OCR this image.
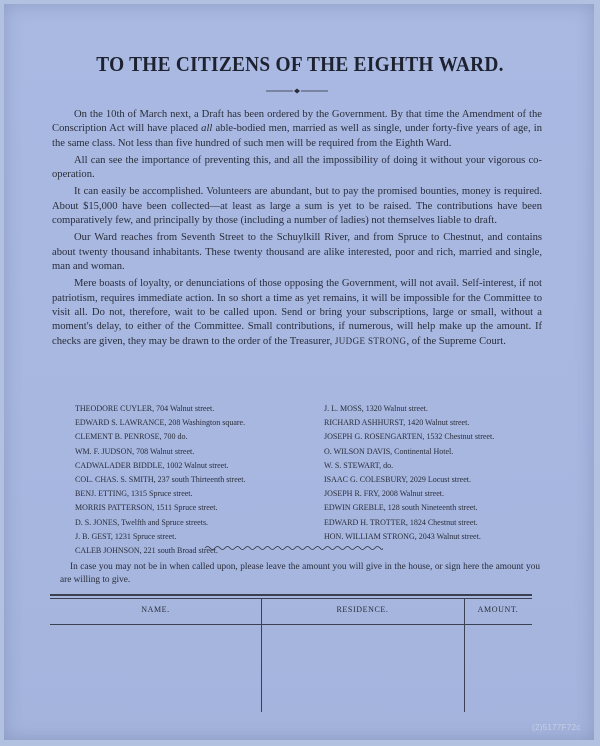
TO THE CITIZENS OF THE EIGHTH WARD.

On the 10th of March next, a Draft has been ordered by the Government. By that time the Amendment of the Conscription Act will have placed all able-bodied men, married as well as single, under forty-five years of age, in the same class. Not less than five hundred of such men will be required from the Eighth Ward.

All can see the importance of preventing this, and all the impossibility of doing it without your vigorous co-operation.

It can easily be accomplished. Volunteers are abundant, but to pay the promised bounties, money is required. About $15,000 have been collected—at least as large a sum is yet to be raised. The contributions have been comparatively few, and principally by those (including a number of ladies) not themselves liable to draft.

Our Ward reaches from Seventh Street to the Schuylkill River, and from Spruce to Chestnut, and contains about twenty thousand inhabitants. These twenty thousand are alike interested, poor and rich, married and single, man and woman.

Mere boasts of loyalty, or denunciations of those opposing the Government, will not avail. Self-interest, if not patriotism, requires immediate action. In so short a time as yet remains, it will be impossible for the Committee to visit all. Do not, therefore, wait to be called upon. Send or bring your subscriptions, large or small, without a moment's delay, to either of the Committee. Small contributions, if numerous, will help make up the amount. If checks are given, they may be drawn to the order of the Treasurer, JUDGE STRONG, of the Supreme Court.

THEODORE CUYLER, 704 Walnut street.
EDWARD S. LAWRANCE, 208 Washington square.
CLEMENT B. PENROSE, 700 do.
WM. F. JUDSON, 708 Walnut street.
CADWALADER BIDDLE, 1002 Walnut street.
COL. CHAS. S. SMITH, 237 south Thirteenth street.
BENJ. ETTING, 1315 Spruce street.
MORRIS PATTERSON, 1511 Spruce street.
D. S. JONES, Twelfth and Spruce streets.
J. B. GEST, 1231 Spruce street.
CALEB JOHNSON, 221 south Broad street.
J. L. MOSS, 1320 Walnut street.
RICHARD ASHHURST, 1420 Walnut street.
JOSEPH G. ROSENGARTEN, 1532 Chestnut street.
O. WILSON DAVIS, Continental Hotel.
W. S. STEWART, do.
ISAAC G. COLESBURY, 2029 Locust street.
JOSEPH R. FRY, 2008 Walnut street.
EDWIN GREBLE, 128 south Nineteenth street.
EDWARD H. TROTTER, 1824 Chestnut street.
HON. WILLIAM STRONG, 2043 Walnut street.
In case you may not be in when called upon, please leave the amount you will give in the house, or sign here the amount you are willing to give.
NAME.	RESIDENCE.	AMOUNT.
(2)5177F72c
